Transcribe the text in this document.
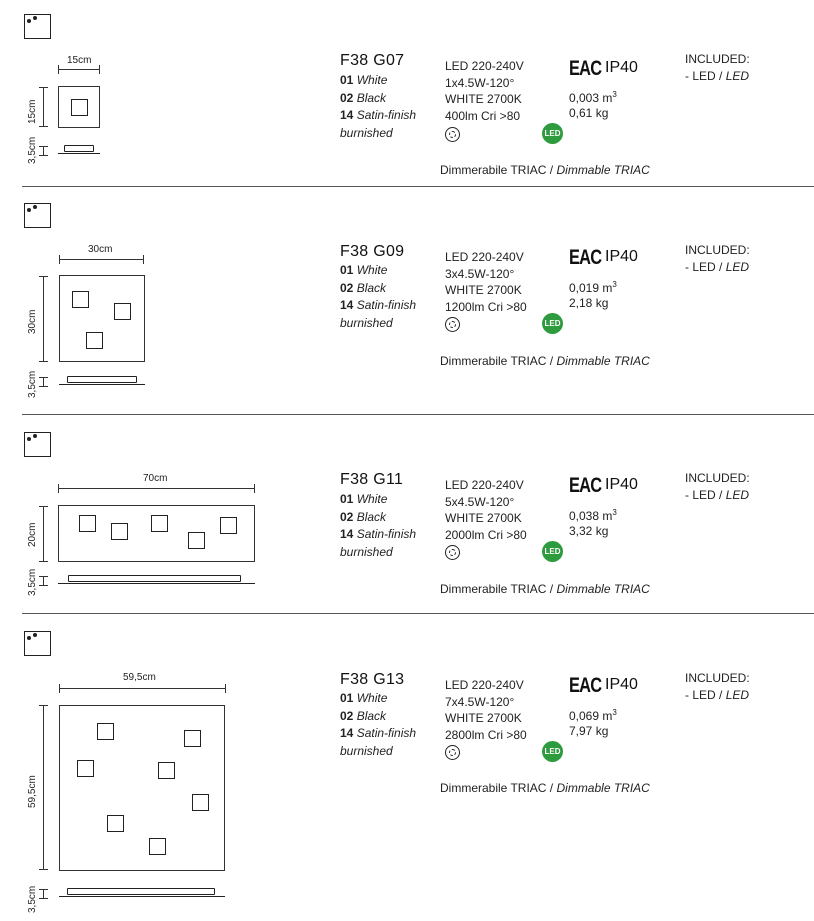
15cm
15cm
3,5cm
F38 G07
01 White
02 Black
14 Satin-finish
burnished
LED 220-240V
1x4.5W-120°
WHITE 2700K
400lm Cri >80
EAC IP40
0,003 $m^3$
0,61 kg
LED
INCLUDED:
- LED / LED
Dimmerabile TRIAC / Dimmable TRIAC
30cm
30cm
3,5cm
F38 G09
01 White
02 Black
14 Satin-finish
burnished
LED 220-240V
3x4.5W-120°
WHITE 2700K
1200lm Cri >80
EAC IP40
0,019 $m^3$
2,18 kg
LED
INCLUDED:
- LED / LED
Dimmerabile TRIAC / Dimmable TRIAC
70cm
20cm
3,5cm
F38 G11
01 White
02 Black
14 Satin-finish
burnished
LED 220-240V
5x4.5W-120°
WHITE 2700K
2000lm Cri >80
EAC IP40
0,038 $m^3$
3,32 kg
LED
INCLUDED:
- LED / LED
Dimmerabile TRIAC / Dimmable TRIAC
59,5cm
59,5cm
3,5cm
F38 G13
01 White
02 Black
14 Satin-finish
burnished
LED 220-240V
7x4.5W-120°
WHITE 2700K
2800lm Cri >80
EAC IP40
0,069 $m^3$
7,97 kg
LED
INCLUDED:
- LED / LED
Dimmerabile TRIAC / Dimmable TRIAC
